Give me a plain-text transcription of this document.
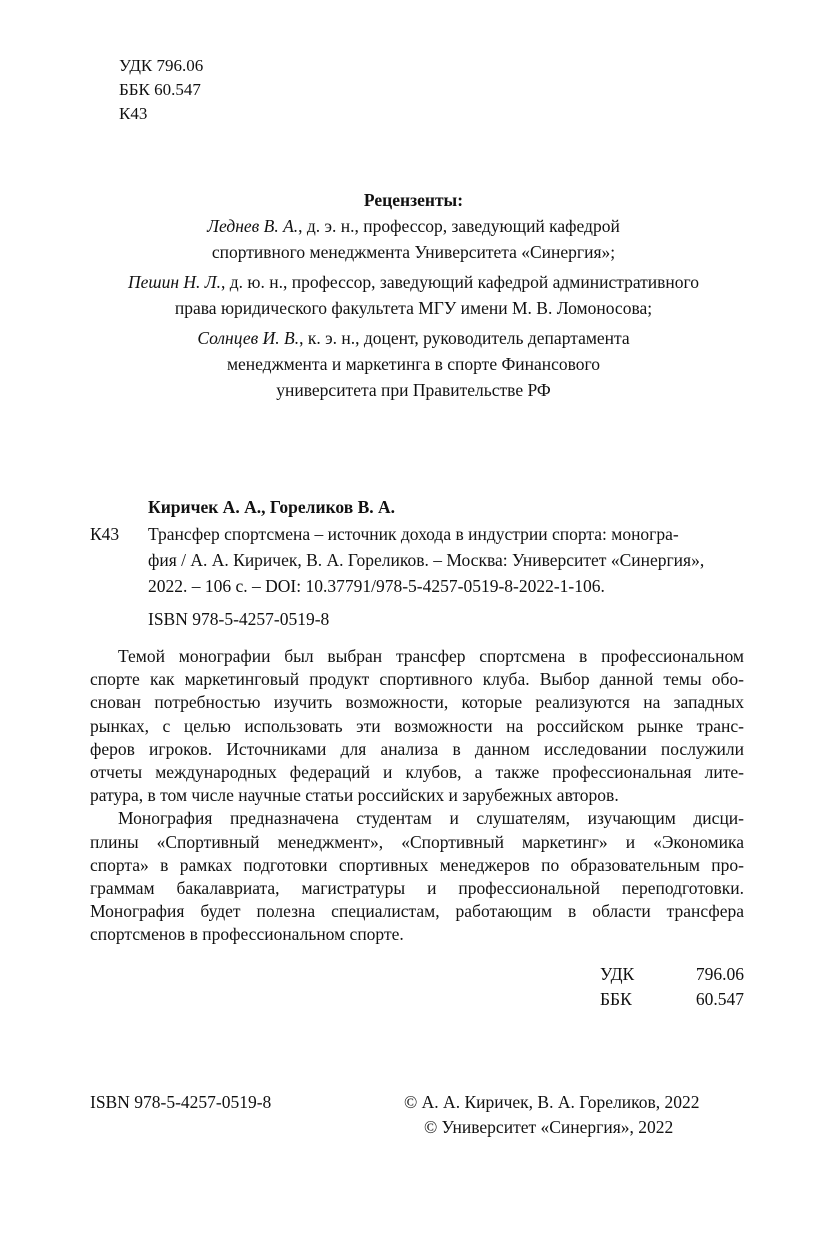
УДК 796.06
ББК 60.547
К43
Рецензенты:
Леднев В. А., д. э. н., профессор, заведующий кафедрой
спортивного менеджмента Университета «Синергия»;
Пешин Н. Л., д. ю. н., профессор, заведующий кафедрой административного
права юридического факультета МГУ имени М. В. Ломоносова;
Солнцев И. В., к. э. н., доцент, руководитель департамента
менеджмента и маркетинга в спорте Финансового
университета при Правительстве РФ
Киричек А. А., Гореликов В. А.
К43 Трансфер спортсмена – источник дохода в индустрии спорта: моногра-
фия / А. А. Киричек, В. А. Гореликов. – Москва: Университет «Синергия»,
2022. – 106 с. – DOI: 10.37791/978-5-4257-0519-8-2022-1-106.
ISBN 978-5-4257-0519-8
Темой монографии был выбран трансфер спортсмена в профессиональном
спорте как маркетинговый продукт спортивного клуба. Выбор данной темы обо-
снован потребностью изучить возможности, которые реализуются на западных
рынках, с целью использовать эти возможности на российском рынке транс-
феров игроков. Источниками для анализа в данном исследовании послужили
отчеты международных федераций и клубов, а также профессиональная лите-
ратура, в том числе научные статьи российских и зарубежных авторов.
Монография предназначена студентам и слушателям, изучающим дисци-
плины «Спортивный менеджмент», «Спортивный маркетинг» и «Экономика
спорта» в рамках подготовки спортивных менеджеров по образовательным про-
граммам бакалавриата, магистратуры и профессиональной переподготовки.
Монография будет полезна специалистам, работающим в области трансфера
спортсменов в профессиональном спорте.
УДК	796.06
ББК	60.547
ISBN 978-5-4257-0519-8	© А. А. Киричек, В. А. Гореликов, 2022
© Университет «Синергия», 2022
